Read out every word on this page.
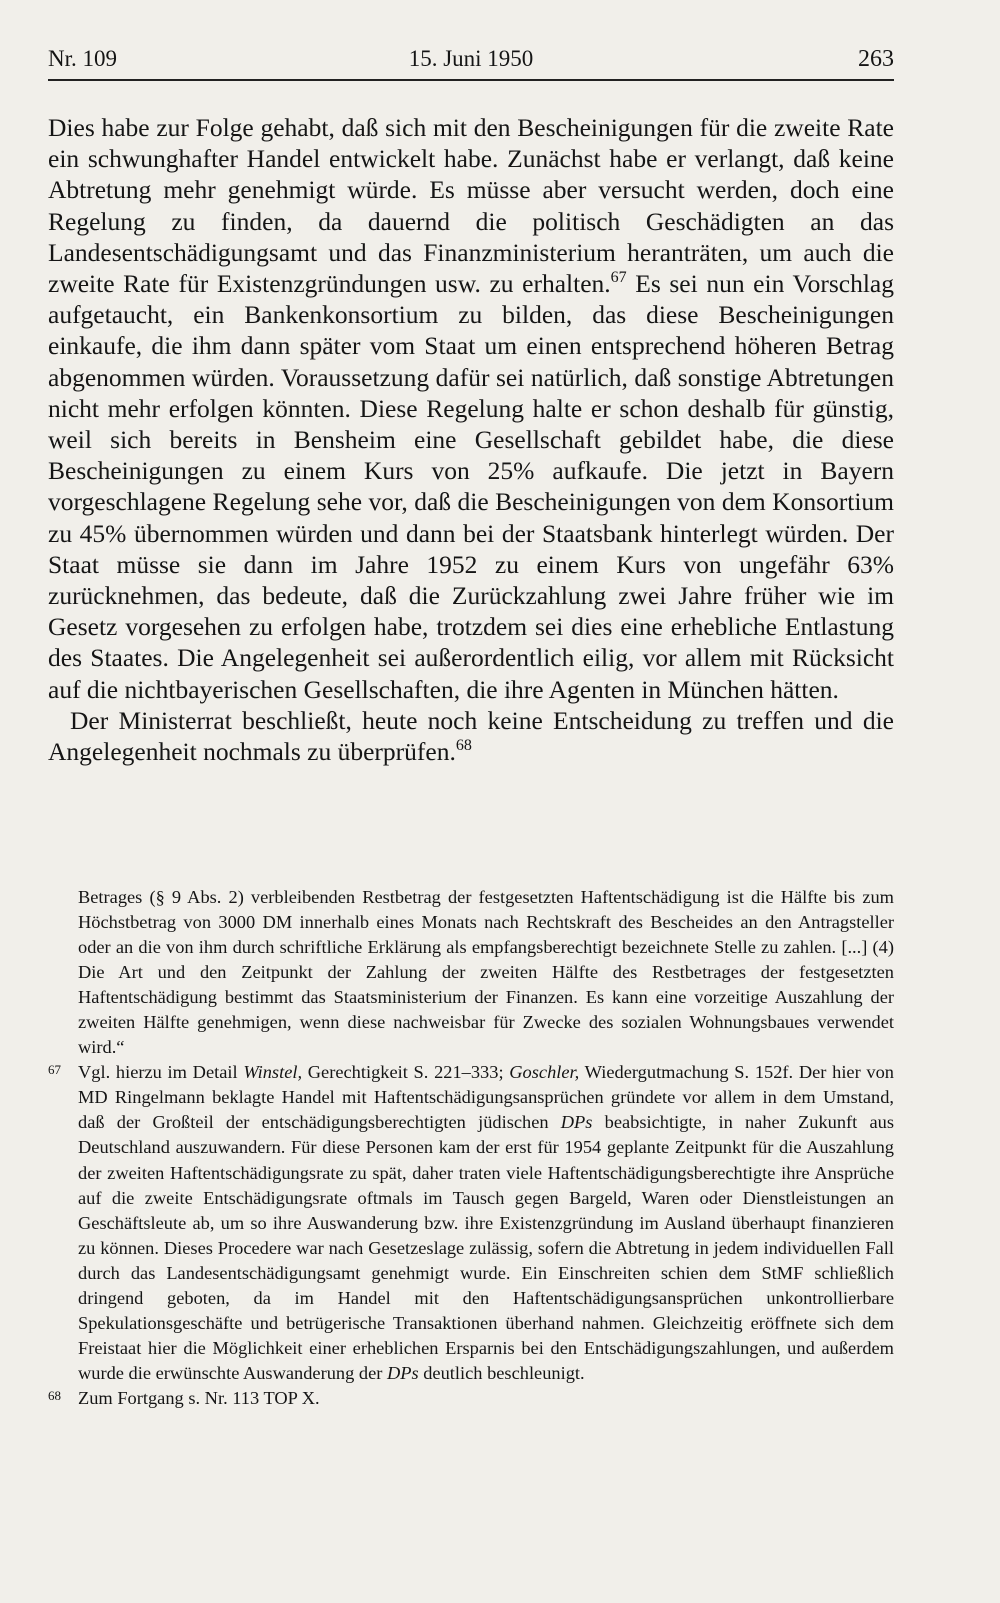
Nr. 109	15. Juni 1950	263

Dies habe zur Folge gehabt, daß sich mit den Bescheinigungen für die zweite Rate ein schwunghafter Handel entwickelt habe. Zunächst habe er verlangt, daß keine Abtretung mehr genehmigt würde. Es müsse aber versucht werden, doch eine Regelung zu finden, da dauernd die politisch Geschädigten an das Landesentschädigungsamt und das Finanzministerium heranträten, um auch die zweite Rate für Existenzgründungen usw. zu erhalten.$^{67}$ Es sei nun ein Vorschlag aufgetaucht, ein Bankenkonsortium zu bilden, das diese Bescheinigungen einkaufe, die ihm dann später vom Staat um einen entsprechend höheren Betrag abgenommen würden. Voraussetzung dafür sei natürlich, daß sonstige Abtretungen nicht mehr erfolgen könnten. Diese Regelung halte er schon deshalb für günstig, weil sich bereits in Bensheim eine Gesellschaft gebildet habe, die diese Bescheinigungen zu einem Kurs von 25% aufkaufe. Die jetzt in Bayern vorgeschlagene Regelung sehe vor, daß die Bescheinigungen von dem Konsortium zu 45% übernommen würden und dann bei der Staatsbank hinterlegt würden. Der Staat müsse sie dann im Jahre 1952 zu einem Kurs von ungefähr 63% zurücknehmen, das bedeute, daß die Zurückzahlung zwei Jahre früher wie im Gesetz vorgesehen zu erfolgen habe, trotzdem sei dies eine erhebliche Entlastung des Staates. Die Angelegenheit sei außerordentlich eilig, vor allem mit Rücksicht auf die nichtbayerischen Gesellschaften, die ihre Agenten in München hätten.

Der Ministerrat beschließt, heute noch keine Entscheidung zu treffen und die Angelegenheit nochmals zu überprüfen.$^{68}$

Betrages (§ 9 Abs. 2) verbleibenden Restbetrag der festgesetzten Haftentschädigung ist die Hälfte bis zum Höchstbetrag von 3000 DM innerhalb eines Monats nach Rechtskraft des Bescheides an den Antragsteller oder an die von ihm durch schriftliche Erklärung als empfangsberechtigt bezeichnete Stelle zu zahlen. [...] (4) Die Art und den Zeitpunkt der Zahlung der zweiten Hälfte des Restbetrages der festgesetzten Haftentschädigung bestimmt das Staatsministerium der Finanzen. Es kann eine vorzeitige Auszahlung der zweiten Hälfte genehmigen, wenn diese nachweisbar für Zwecke des sozialen Wohnungsbaues verwendet wird.“

67 Vgl. hierzu im Detail Winstel, Gerechtigkeit S. 221–333; Goschler, Wiedergutmachung S. 152f. Der hier von MD Ringelmann beklagte Handel mit Haftentschädigungsansprüchen gründete vor allem in dem Umstand, daß der Großteil der entschädigungsberechtigten jüdischen DPs beabsichtigte, in naher Zukunft aus Deutschland auszuwandern. Für diese Personen kam der erst für 1954 geplante Zeitpunkt für die Auszahlung der zweiten Haftentschädigungsrate zu spät, daher traten viele Haftentschädigungsberechtigte ihre Ansprüche auf die zweite Entschädigungsrate oftmals im Tausch gegen Bargeld, Waren oder Dienstleistungen an Geschäftsleute ab, um so ihre Auswanderung bzw. ihre Existenzgründung im Ausland überhaupt finanzieren zu können. Dieses Procedere war nach Gesetzeslage zulässig, sofern die Abtretung in jedem individuellen Fall durch das Landesentschädigungsamt genehmigt wurde. Ein Einschreiten schien dem StMF schließlich dringend geboten, da im Handel mit den Haftentschädigungsansprüchen unkontrollierbare Spekulationsgeschäfte und betrügerische Transaktionen überhand nahmen. Gleichzeitig eröffnete sich dem Freistaat hier die Möglichkeit einer erheblichen Ersparnis bei den Entschädigungszahlungen, und außerdem wurde die erwünschte Auswanderung der DPs deutlich beschleunigt.

68 Zum Fortgang s. Nr. 113 TOP X.
